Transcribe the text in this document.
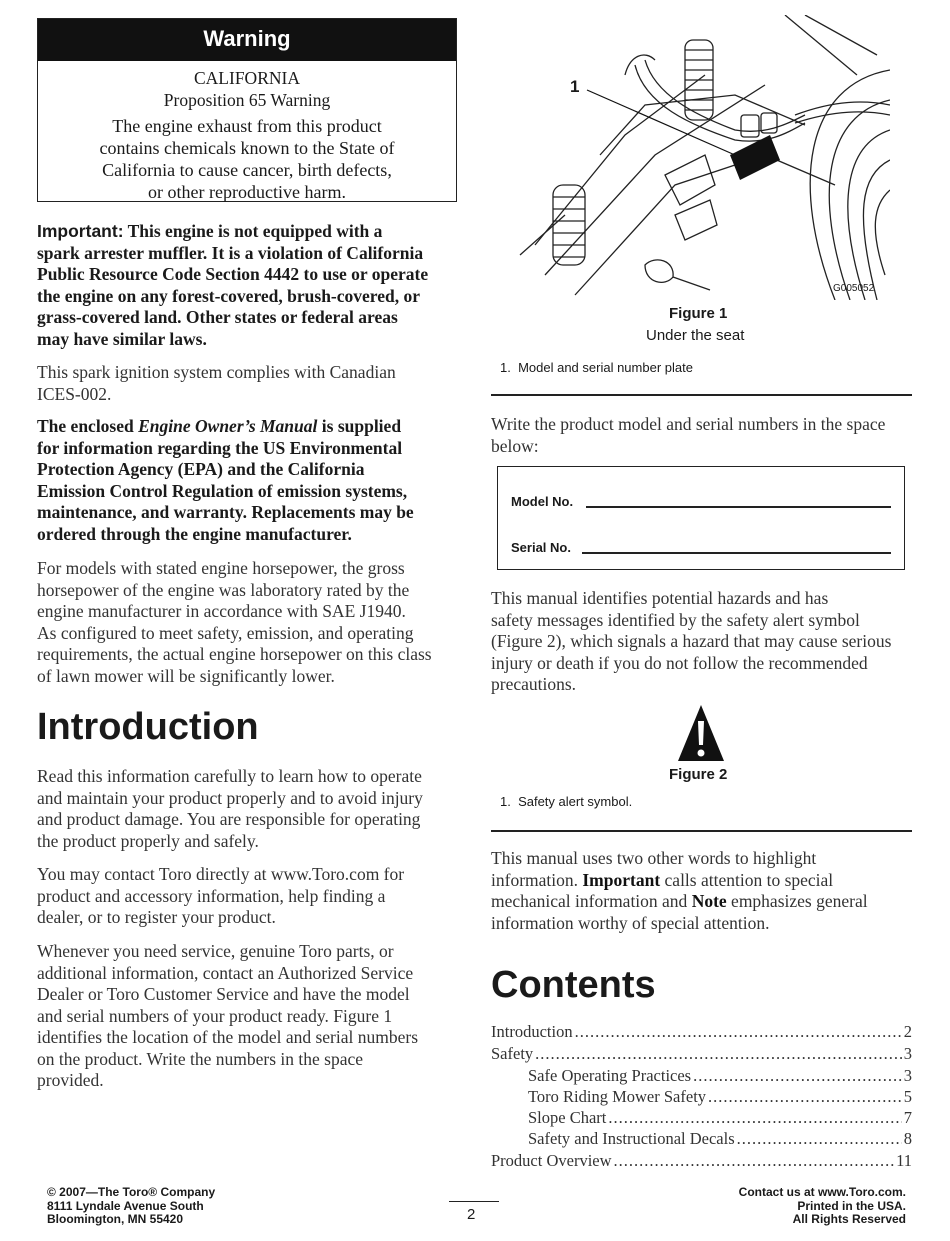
Warning
CALIFORNIA
Proposition 65 Warning
The engine exhaust from this product
contains chemicals known to the State of
California to cause cancer, birth defects,
or other reproductive harm.
Important: This engine is not equipped with a
spark arrester muffler. It is a violation of California
Public Resource Code Section 4442 to use or operate
the engine on any forest-covered, brush-covered, or
grass-covered land. Other states or federal areas
may have similar laws.
This spark ignition system complies with Canadian
ICES-002.
The enclosed Engine Owner’s Manual is supplied
for information regarding the US Environmental
Protection Agency (EPA) and the California
Emission Control Regulation of emission systems,
maintenance, and warranty. Replacements may be
ordered through the engine manufacturer.
For models with stated engine horsepower, the gross
horsepower of the engine was laboratory rated by the
engine manufacturer in accordance with SAE J1940.
As configured to meet safety, emission, and operating
requirements, the actual engine horsepower on this class
of lawn mower will be significantly lower.
Introduction
Read this information carefully to learn how to operate
and maintain your product properly and to avoid injury
and product damage. You are responsible for operating
the product properly and safely.
You may contact Toro directly at www.Toro.com for
product and accessory information, help finding a
dealer, or to register your product.
Whenever you need service, genuine Toro parts, or
additional information, contact an Authorized Service
Dealer or Toro Customer Service and have the model
and serial numbers of your product ready. Figure 1
identifies the location of the model and serial numbers
on the product. Write the numbers in the space
provided.
1
G005052
Figure 1
Under the seat
1.  Model and serial number plate
Write the product model and serial numbers in the space
below:
Model No.
Serial No.
This manual identifies potential hazards and has
safety messages identified by the safety alert symbol
(Figure 2), which signals a hazard that may cause serious
injury or death if you do not follow the recommended
precautions.
Figure 2
1.  Safety alert symbol.
This manual uses two other words to highlight
information. Important calls attention to special
mechanical information and Note emphasizes general
information worthy of special attention.
Contents
Introduction .....	2
Safety .....	3
Safe Operating Practices .....	3
Toro Riding Mower Safety .....	5
Slope Chart .....	7
Safety and Instructional Decals .....	8
Product Overview .....	11
© 2007—The Toro® Company
8111 Lyndale Avenue South
Bloomington, MN 55420	2
Contact us at www.Toro.com.
Printed in the USA.
All Rights Reserved
